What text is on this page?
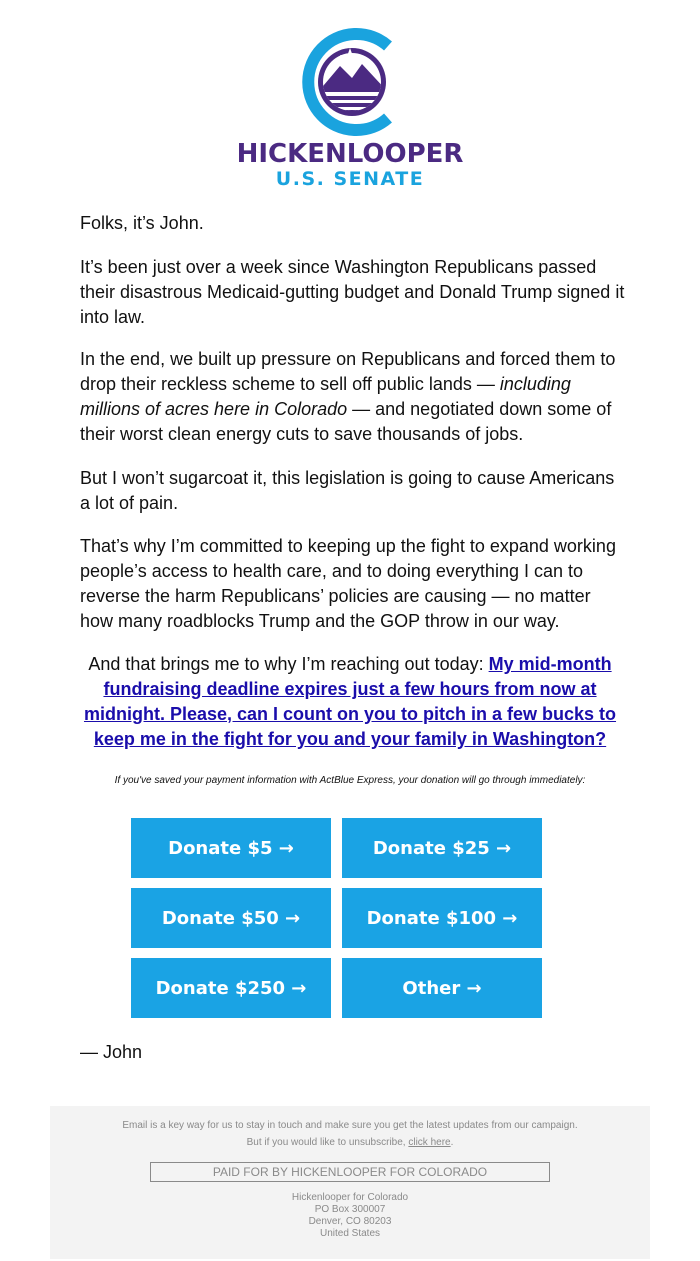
HICKENLOOPER
U.S. SENATE

Folks, it’s John.

It’s been just over a week since Washington Republicans passed their disastrous Medicaid-gutting budget and Donald Trump signed it into law.

In the end, we built up pressure on Republicans and forced them to drop their reckless scheme to sell off public lands — including millions of acres here in Colorado — and negotiated down some of their worst clean energy cuts to save thousands of jobs.

But I won’t sugarcoat it, this legislation is going to cause Americans a lot of pain.

That’s why I’m committed to keeping up the fight to expand working people’s access to health care, and to doing everything I can to reverse the harm Republicans’ policies are causing — no matter how many roadblocks Trump and the GOP throw in our way.

And that brings me to why I’m reaching out today: My mid-month fundraising deadline expires just a few hours from now at midnight. Please, can I count on you to pitch in a few bucks to keep me in the fight for you and your family in Washington?
If you've saved your payment information with ActBlue Express, your donation will go through immediately:
Donate $5 →	Donate $25 →
Donate $50 →	Donate $100 →
Donate $250 →	Other →
— John
Email is a key way for us to stay in touch and make sure you get the latest updates from our campaign.
But if you would like to unsubscribe, click here.
PAID FOR BY HICKENLOOPER FOR COLORADO
Hickenlooper for Colorado
PO Box 300007
Denver, CO 80203
United States
